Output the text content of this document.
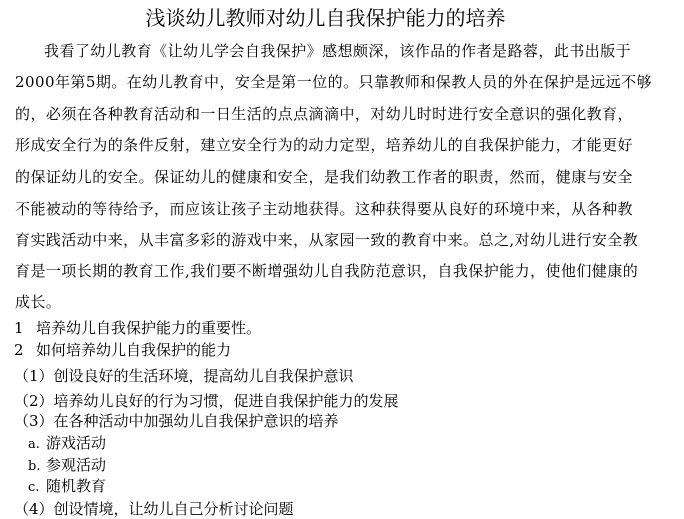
浅谈幼儿教师对幼儿自我保护能力的培养
我看了幼儿教育《让幼儿学会自我保护》感想颇深，该作品的作者是路蓉，此书出版于
2000年第5期。在幼儿教育中，安全是第一位的。只靠教师和保教人员的外在保护是远远不够
的，必须在各种教育活动和一日生活的点点滴滴中，对幼儿时时进行安全意识的强化教育，
形成安全行为的条件反射，建立安全行为的动力定型，培养幼儿的自我保护能力，才能更好
的保证幼儿的安全。保证幼儿的健康和安全，是我们幼教工作者的职责，然而，健康与安全
不能被动的等待给予，而应该让孩子主动地获得。这种获得要从良好的环境中来，从各种教
育实践活动中来，从丰富多彩的游戏中来，从家园一致的教育中来。总之,对幼儿进行安全教
育是一项长期的教育工作,我们要不断增强幼儿自我防范意识，自我保护能力，使他们健康的
成长。
1 培养幼儿自我保护能力的重要性。
2 如何培养幼儿自我保护的能力
（1）创设良好的生活环境，提高幼儿自我保护意识
（2）培养幼儿良好的行为习惯，促进自我保护能力的发展
（3）在各种活动中加强幼儿自我保护意识的培养
a. 游戏活动
b. 参观活动
c. 随机教育
（4）创设情境，让幼儿自己分析讨论问题
